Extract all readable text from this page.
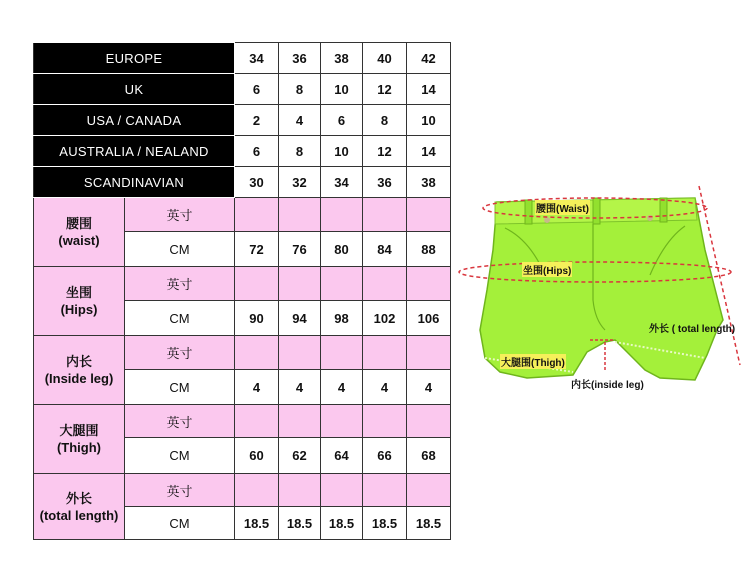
EUROPE		34	36	38	40	42
UK		6	8	10	12	14
USA / CANADA		2	4	6	8	10
AUSTRALIA / NEALAND		6	8	10	12	14
SCANDINAVIAN		30	32	34	36	38
腰围
(waist)	英寸					
	CM	72	76	80	84	88
坐围
(Hips)	英寸					
	CM	90	94	98	102	106
内长
(Inside leg)	英寸					
	CM	4	4	4	4	4
大腿围
(Thigh)	英寸					
	CM	60	62	64	66	68
外长
(total length)	英寸					
	CM	18.5	18.5	18.5	18.5	18.5
腰围(Waist)
坐围(Hips)
外长 ( total length)
大腿围(Thigh)
内长(inside leg)
